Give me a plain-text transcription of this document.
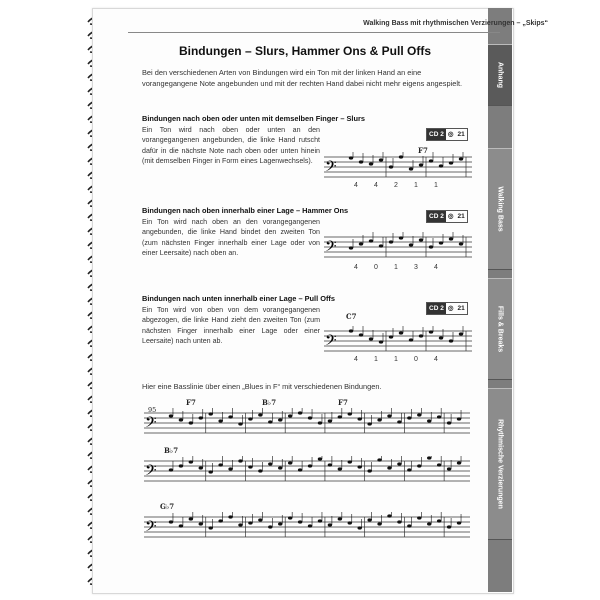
Anhang
Walking Bass
Fills & Breaks
Rhythmische Verzierungen
Walking Bass mit rhythmischen Verzierungen – „Skips“
Bindungen – Slurs, Hammer Ons & Pull Offs
Bei den verschiedenen Arten von Bindungen wird ein Ton mit der linken Hand an eine vorangegangene Note angebunden und mit der rechten Hand dabei nicht mehr eigens angespielt.
Bindungen nach oben oder unten mit demselben Finger – Slurs
Ein Ton wird nach oben oder unten an den vorangegangenen angebunden, die linke Hand rutscht dafür in die nächste Note nach oben oder unten hinein (mit demselben Finger in Form eines Lagenwechsels).
CD 2 ◎ 21
F7
𝄢
4	4	2	1	1
Bindungen nach oben innerhalb einer Lage – Hammer Ons
Ein Ton wird nach oben an den vorangegangenen angebunden, die linke Hand bindet den zweiten Ton (zum nächsten Finger innerhalb einer Lage oder von einer Leersaite) nach oben an.
CD 2 ◎ 21
𝄢
4	0	1	3	4
Bindungen nach unten innerhalb einer Lage – Pull Offs
Ein Ton wird von oben von dem vorangegangenen abgezogen, die linke Hand zieht den zweiten Ton (zum nächsten Finger innerhalb einer Lage oder einer Leersaite) nach unten ab.
CD 2 ◎ 21
C7
𝄢
4	1	1	0	4
Hier eine Basslinie über einen „Blues in F“ mit verschiedenen Bindungen.
95
F7	B♭7	F7
𝄢
B♭7
𝄢
G♭7
𝄢
